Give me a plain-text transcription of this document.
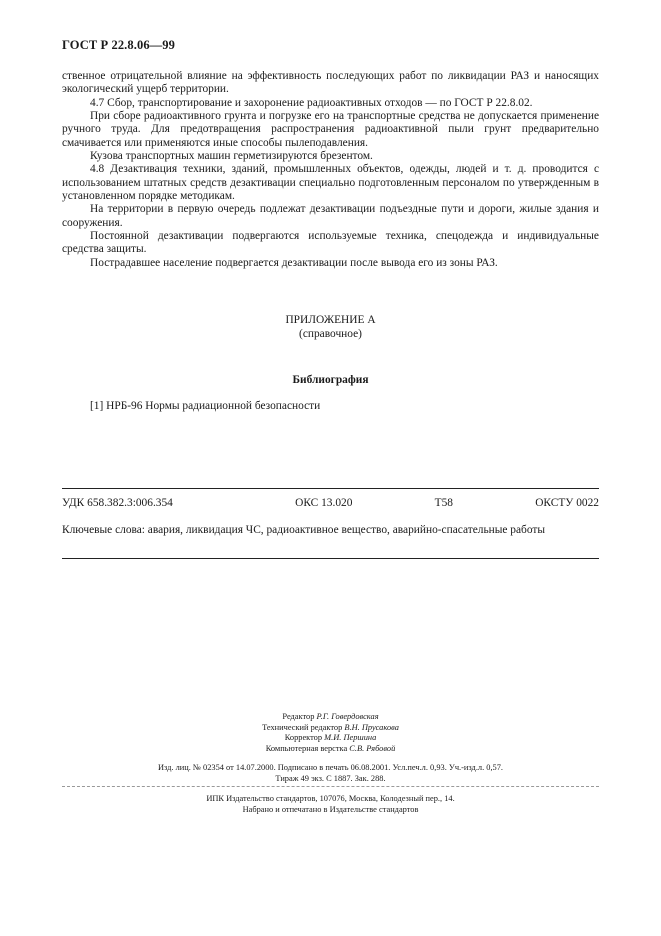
ГОСТ Р 22.8.06—99

ственное отрицательной влияние на эффективность последующих работ по ликвидации РАЗ и наносящих экологический ущерб территории.

4.7 Сбор, транспортирование и захоронение радиоактивных отходов — по ГОСТ Р 22.8.02.

При сборе радиоактивного грунта и погрузке его на транспортные средства не допускается применение ручного труда. Для предотвращения распространения радиоактивной пыли грунт предварительно смачивается или применяются иные способы пылеподавления.

Кузова транспортных машин герметизируются брезентом.

4.8 Дезактивация техники, зданий, промышленных объектов, одежды, людей и т. д. проводится с использованием штатных средств дезактивации специально подготовленным персоналом по утвержденным в установленном порядке методикам.

На территории в первую очередь подлежат дезактивации подъездные пути и дороги, жилые здания и сооружения.

Постоянной дезактивации подвергаются используемые техника, спецодежда и индивидуальные средства защиты.

Пострадавшее население подвергается дезактивации после вывода его из зоны РАЗ.

ПРИЛОЖЕНИЕ А
(справочное)
Библиография
[1] НРБ-96 Нормы радиационной безопасности
УДК 658.382.3:006.354	ОКС 13.020	Т58	ОКСТУ 0022
Ключевые слова: авария, ликвидация ЧС, радиоактивное вещество, аварийно-спасательные работы
Редактор Р.Г. Говердовская
Технический редактор В.Н. Прусакова
Корректор М.И. Першина
Компьютерная верстка С.В. Рябовой
Изд. лиц. № 02354 от 14.07.2000. Подписано в печать 06.08.2001. Усл.печ.л. 0,93. Уч.-изд.л. 0,57.
Тираж 49 экз. С 1887. Зак. 288.
ИПК Издательство стандартов, 107076, Москва, Колодезный пер., 14.
Набрано и отпечатано в Издательстве стандартов
